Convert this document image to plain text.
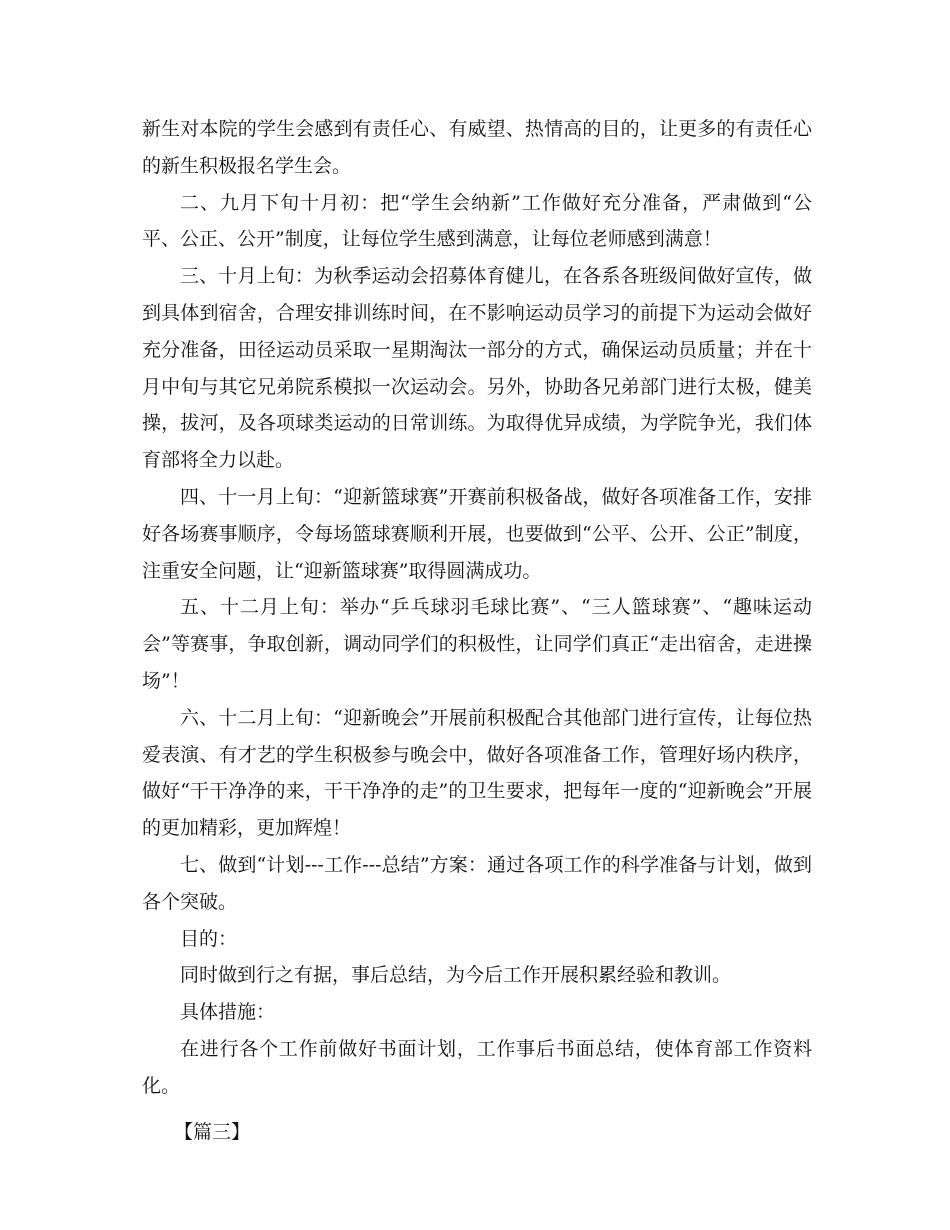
新生对本院的学生会感到有责任心、有威望、热情高的目的，让更多的有责任心的新生积极报名学生会。

二、九月下旬十月初：把“学生会纳新”工作做好充分准备，严肃做到“公平、公正、公开”制度，让每位学生感到满意，让每位老师感到满意！

三、十月上旬：为秋季运动会招募体育健儿，在各系各班级间做好宣传，做到具体到宿舍，合理安排训练时间，在不影响运动员学习的前提下为运动会做好充分准备，田径运动员采取一星期淘汰一部分的方式，确保运动员质量；并在十月中旬与其它兄弟院系模拟一次运动会。另外，协助各兄弟部门进行太极，健美操，拔河，及各项球类运动的日常训练。为取得优异成绩，为学院争光，我们体育部将全力以赴。

四、十一月上旬：“迎新篮球赛”开赛前积极备战，做好各项准备工作，安排好各场赛事顺序，令每场篮球赛顺利开展，也要做到“公平、公开、公正”制度，注重安全问题，让“迎新篮球赛”取得圆满成功。

五、十二月上旬：举办“乒乓球羽毛球比赛”、“三人篮球赛”、“趣味运动会”等赛事，争取创新，调动同学们的积极性，让同学们真正“走出宿舍，走进操场”！

六、十二月上旬：“迎新晚会”开展前积极配合其他部门进行宣传，让每位热爱表演、有才艺的学生积极参与晚会中，做好各项准备工作，管理好场内秩序，做好“干干净净的来，干干净净的走”的卫生要求，把每年一度的“迎新晚会”开展的更加精彩，更加辉煌！

七、做到“计划---工作---总结”方案：通过各项工作的科学准备与计划，做到各个突破。

目的：

同时做到行之有据，事后总结，为今后工作开展积累经验和教训。

具体措施：

在进行各个工作前做好书面计划，工作事后书面总结，使体育部工作资料化。

【篇三】
